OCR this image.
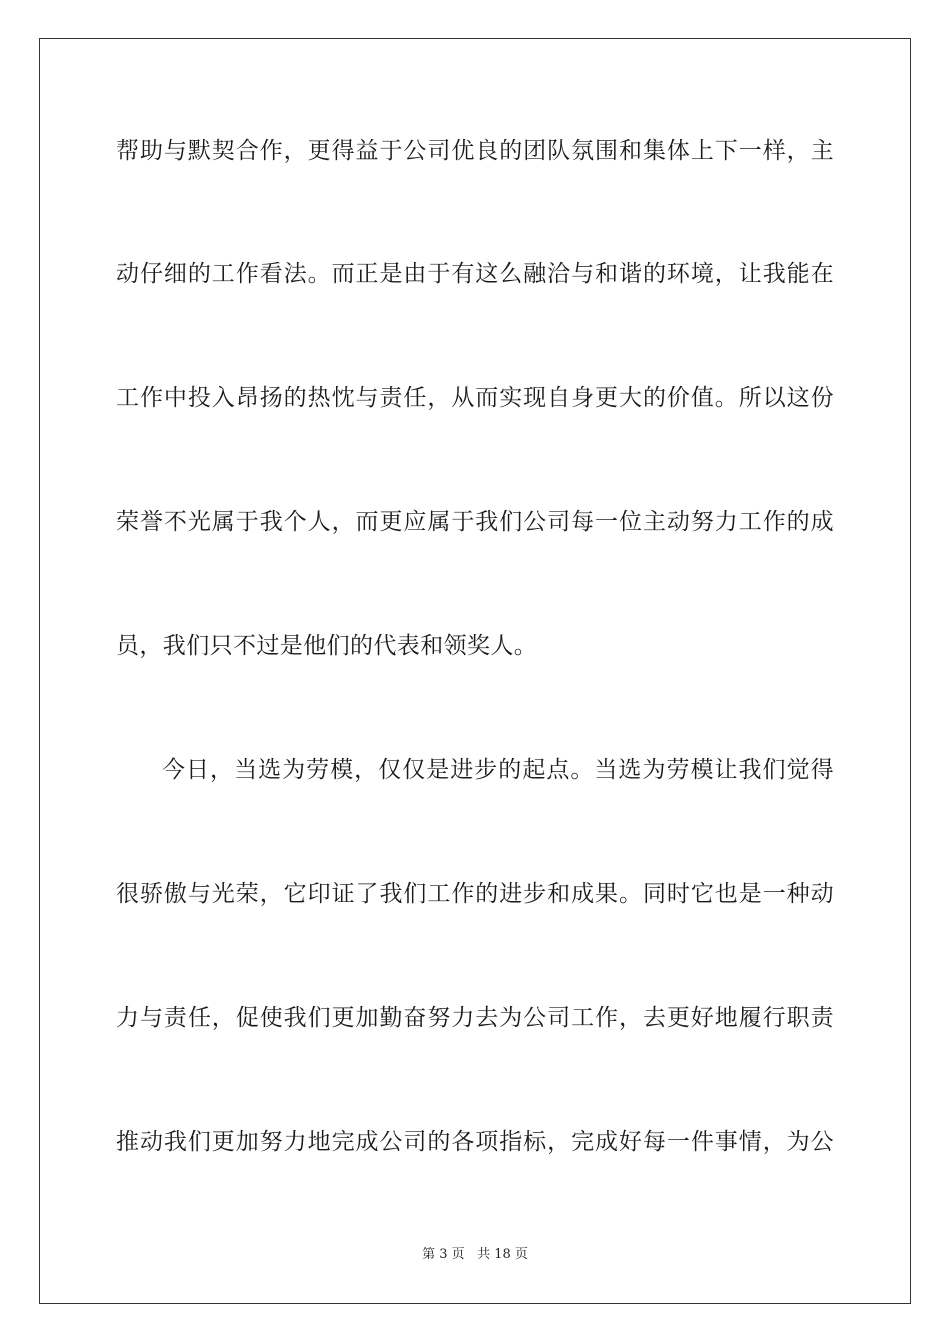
帮助与默契合作，更得益于公司优良的团队氛围和集体上下一样，主
动仔细的工作看法。而正是由于有这么融洽与和谐的环境，让我能在
工作中投入昂扬的热忱与责任，从而实现自身更大的价值。所以这份
荣誉不光属于我个人，而更应属于我们公司每一位主动努力工作的成
员，我们只不过是他们的代表和领奖人。
今日，当选为劳模，仅仅是进步的起点。当选为劳模让我们觉得
很骄傲与光荣，它印证了我们工作的进步和成果。同时它也是一种动
力与责任，促使我们更加勤奋努力去为公司工作，去更好地履行职责
推动我们更加努力地完成公司的各项指标，完成好每一件事情，为公
第 3 页 共 18 页
